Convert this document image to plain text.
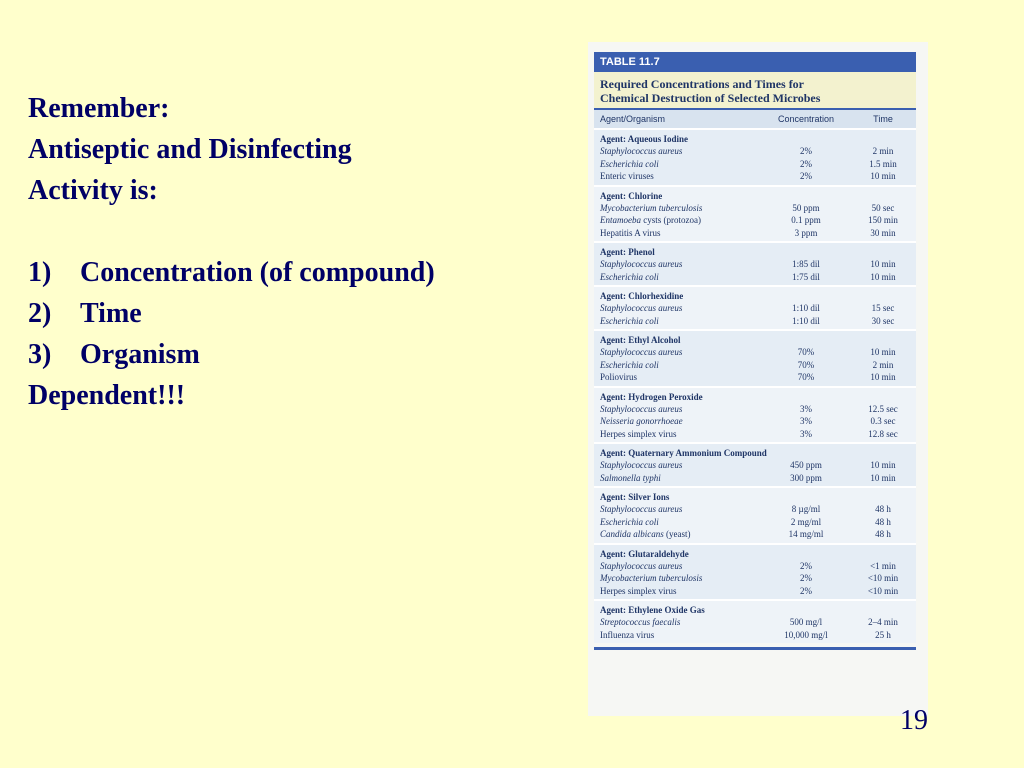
Remember:
Antiseptic and Disinfecting
Activity is:
1)	Concentration (of compound)
2)	Time
3)	Organism
Dependent!!!
TABLE 11.7
Required Concentrations and Times for
Chemical Destruction of Selected Microbes
Agent/Organism	Concentration	Time
Agent: Aqueous Iodine
Staphylococcus aureus	2%	2 min
Escherichia coli	2%	1.5 min
Enteric viruses	2%	10 min
Agent: Chlorine
Mycobacterium tuberculosis	50 ppm	50 sec
Entamoeba cysts (protozoa)	0.1 ppm	150 min
Hepatitis A virus	3 ppm	30 min
Agent: Phenol
Staphylococcus aureus	1:85 dil	10 min
Escherichia coli	1:75 dil	10 min
Agent: Chlorhexidine
Staphylococcus aureus	1:10 dil	15 sec
Escherichia coli	1:10 dil	30 sec
Agent: Ethyl Alcohol
Staphylococcus aureus	70%	10 min
Escherichia coli	70%	2 min
Poliovirus	70%	10 min
Agent: Hydrogen Peroxide
Staphylococcus aureus	3%	12.5 sec
Neisseria gonorrhoeae	3%	0.3 sec
Herpes simplex virus	3%	12.8 sec
Agent: Quaternary Ammonium Compound
Staphylococcus aureus	450 ppm	10 min
Salmonella typhi	300 ppm	10 min
Agent: Silver Ions
Staphylococcus aureus	8 µg/ml	48 h
Escherichia coli	2 mg/ml	48 h
Candida albicans (yeast)	14 mg/ml	48 h
Agent: Glutaraldehyde
Staphylococcus aureus	2%	<1 min
Mycobacterium tuberculosis	2%	<10 min
Herpes simplex virus	2%	<10 min
Agent: Ethylene Oxide Gas
Streptococcus faecalis	500 mg/l	2–4 min
Influenza virus	10,000 mg/l	25 h
19
